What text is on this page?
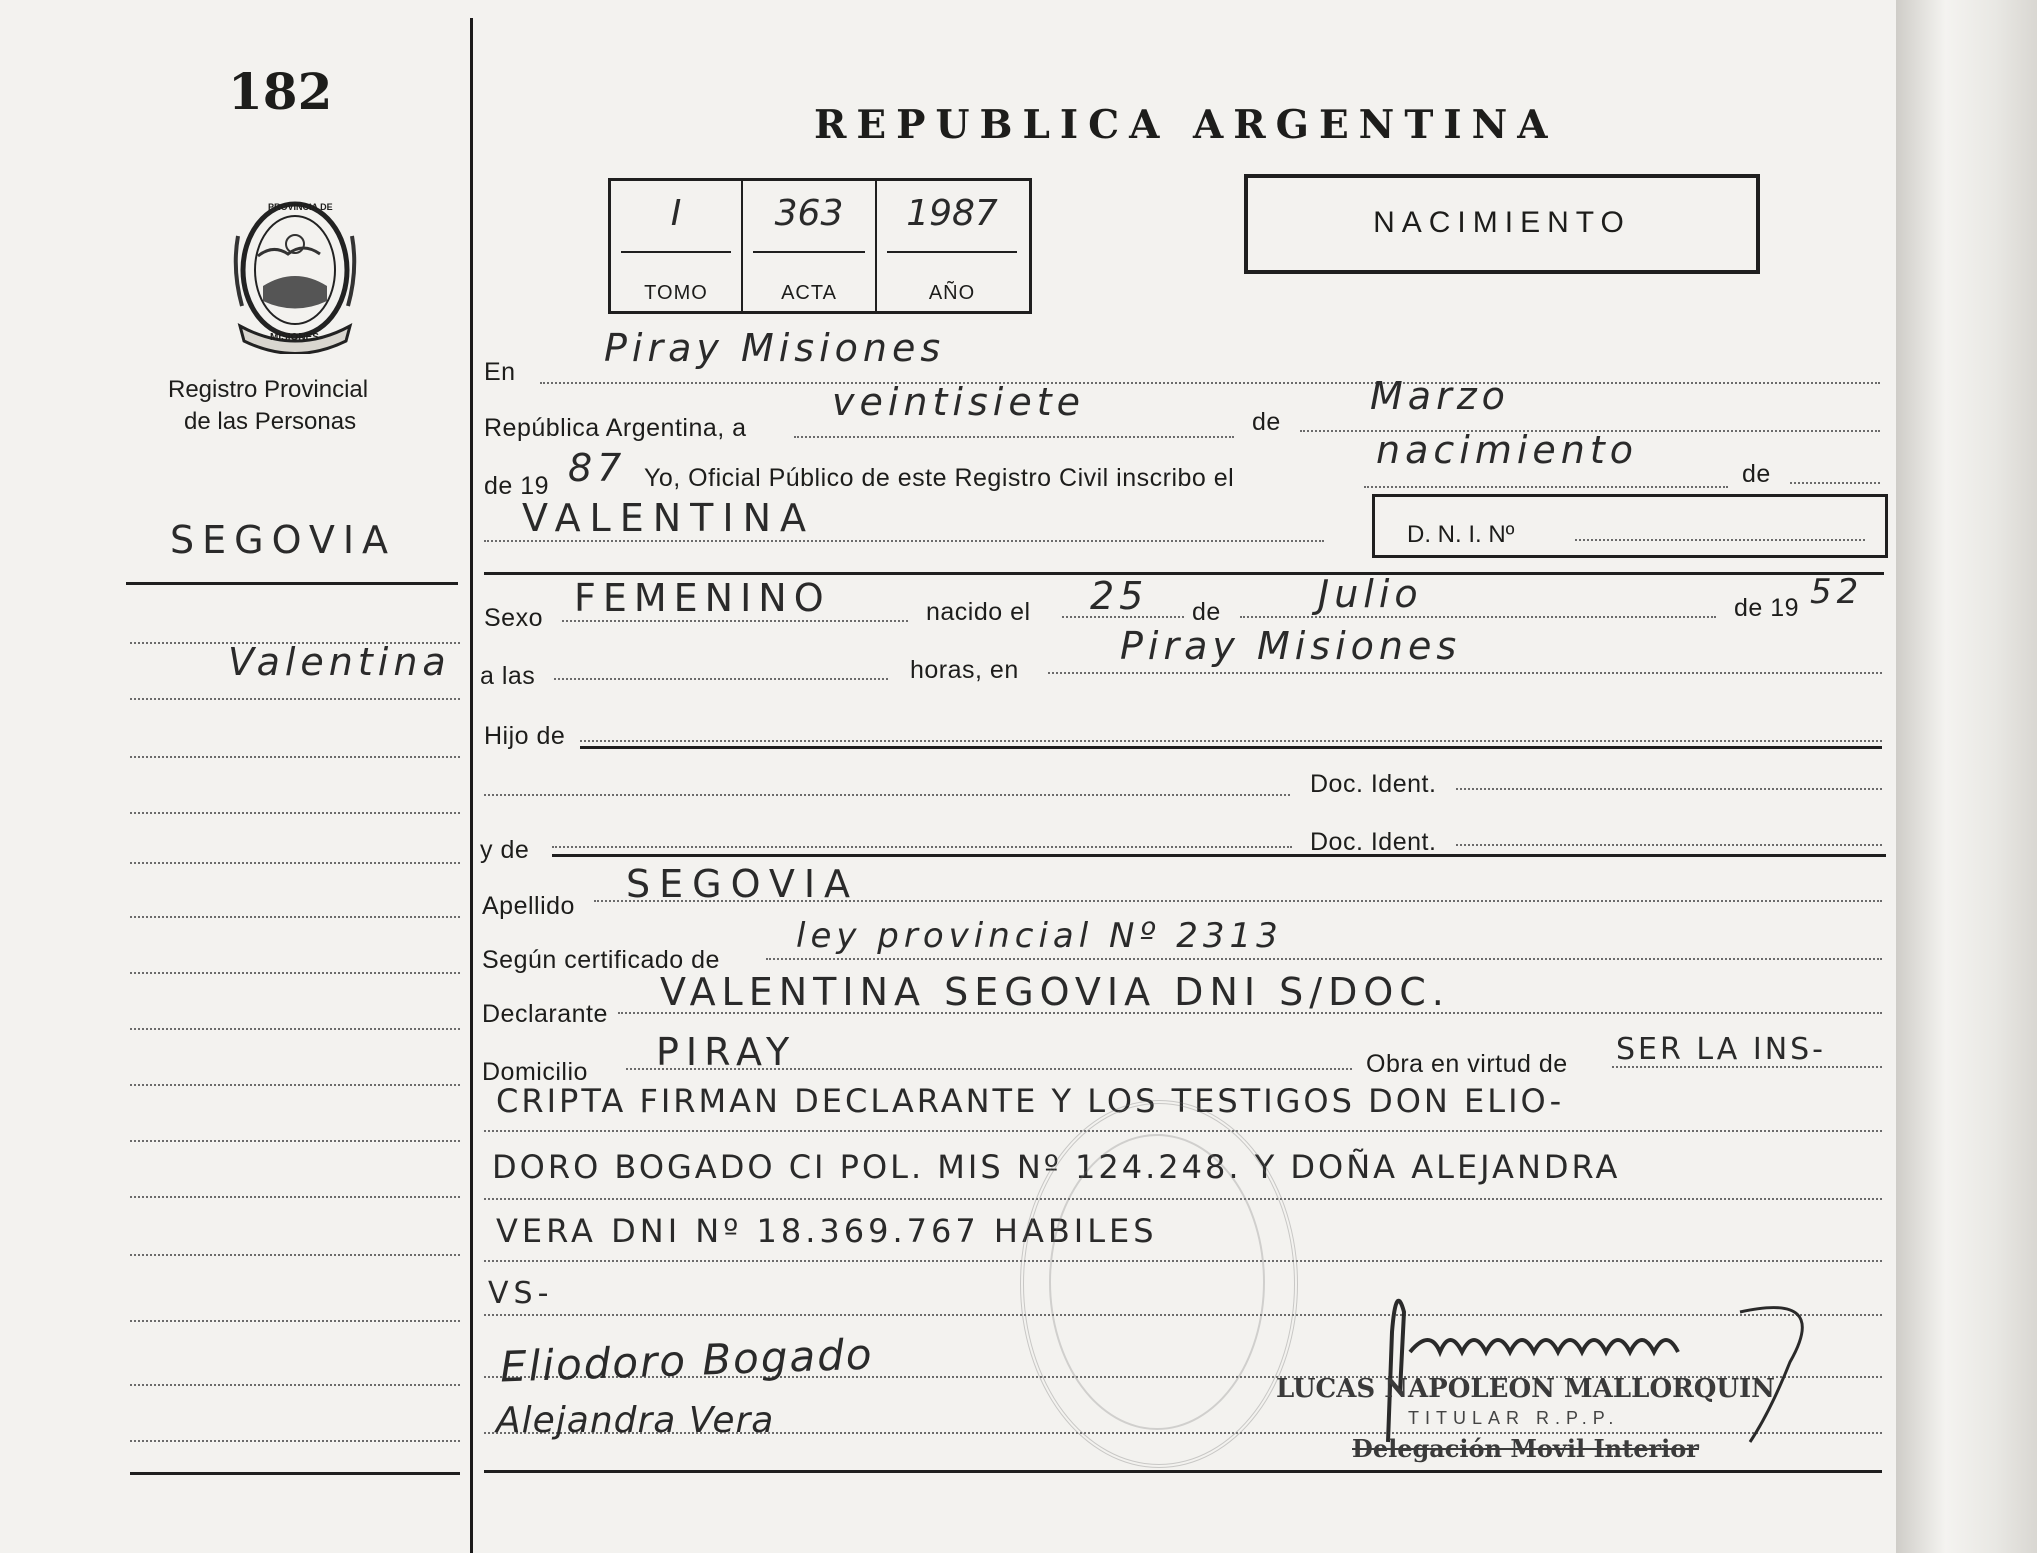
182
PROVINCIA DE
MISIONES
Registro Provincial
de las Personas
SEGOVIA
Valentina
REPUBLICA ARGENTINA
I
TOMO
363
ACTA
1987
AÑO
NACIMIENTO
En
Piray Misiones
República Argentina, a
veintisiete	de
Marzo
de 19 87 Yo, Oficial Público de este Registro Civil inscribo el
nacimiento
de
VALENTINA	D. N. I. Nº
Sexo FEMENINO	nacido el 25 de	Julio	de 19 52
a las	horas, en
Piray Misiones
Hijo de
Doc. Ident.
y de	Doc. Ident.
Apellido SEGOVIA
Según certificado de
ley provincial Nº 2313
Declarante VALENTINA SEGOVIA DNI S/DOC.
Domicilio PIRAY	Obra en virtud de SER LA INS-
CRIPTA FIRMAN DECLARANTE Y LOS TESTIGOS DON ELIO-
DORO BOGADO CI POL. MIS Nº 124.248. Y DOÑA ALEJANDRA
VERA DNI Nº 18.369.767 HABILES
VS-
Eliodoro Bogado
Alejandra Vera
LUCAS NAPOLEON MALLORQUIN
TITULAR R.P.P.
Delegación Movil Interior
